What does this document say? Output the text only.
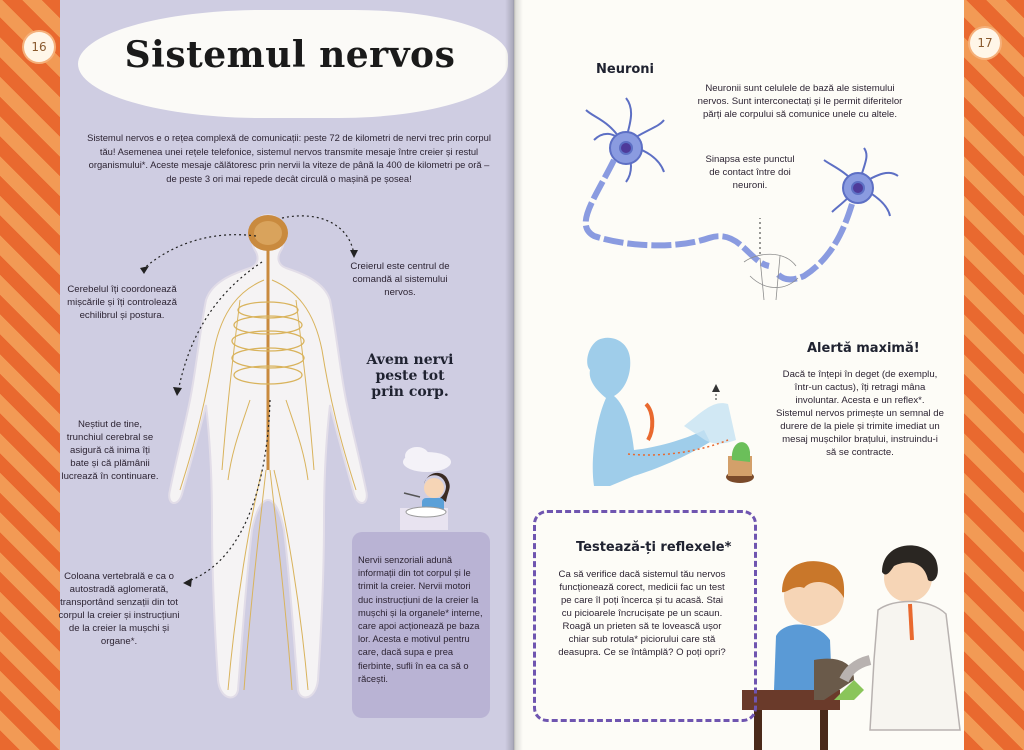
16	Sistemul nervos
Sistemul nervos e o rețea complexă de comunicații: peste 72 de kilometri de nervi trec prin corpul tău! Asemenea unei rețele telefonice, sistemul nervos transmite mesaje între creier și restul organismului*. Aceste mesaje călătoresc prin nervii la viteze de până la 400 de kilometri pe oră – de peste 3 ori mai repede decât circulă o mașină pe șosea!
Cerebelul îți coordonează mișcările și îți controlează echilibrul și postura.
Creierul este centrul de comandă al sistemului nervos.
Neștiut de tine, trunchiul cerebral se asigură că inima îți bate și că plămânii lucrează în continuare.
Coloana vertebrală e ca o autostradă aglomerată, transportând senzații din tot corpul la creier și instrucțiuni de la creier la mușchi și organe*.
Avem nervi peste tot prin corp.
Nervii senzoriali adună informații din tot corpul și le trimit la creier. Nervii motori duc instrucțiuni de la creier la mușchi și la organele* interne, care apoi acționează pe baza lor. Acesta e motivul pentru care, dacă supa e prea fierbinte, sufli în ea ca să o răcești.
17
Neuroni
Neuronii sunt celulele de bază ale sistemului nervos. Sunt interconectați și le permit diferitelor părți ale corpului să comunice unele cu altele.
Sinapsa este punctul de contact între doi neuroni.
Alertă maximă!
Dacă te înțepi în deget (de exemplu, într-un cactus), îți retragi mâna involuntar. Acesta e un reflex*. Sistemul nervos primește un semnal de durere de la piele și trimite imediat un mesaj mușchilor brațului, instruindu-i să se contracte.
Testează-ți reflexele*
Ca să verifice dacă sistemul tău nervos funcționează corect, medicii fac un test pe care îl poți încerca și tu acasă. Stai cu picioarele încrucișate pe un scaun. Roagă un prieten să te lovească ușor chiar sub rotula* piciorului care stă deasupra. Ce se întâmplă? O poți opri?
